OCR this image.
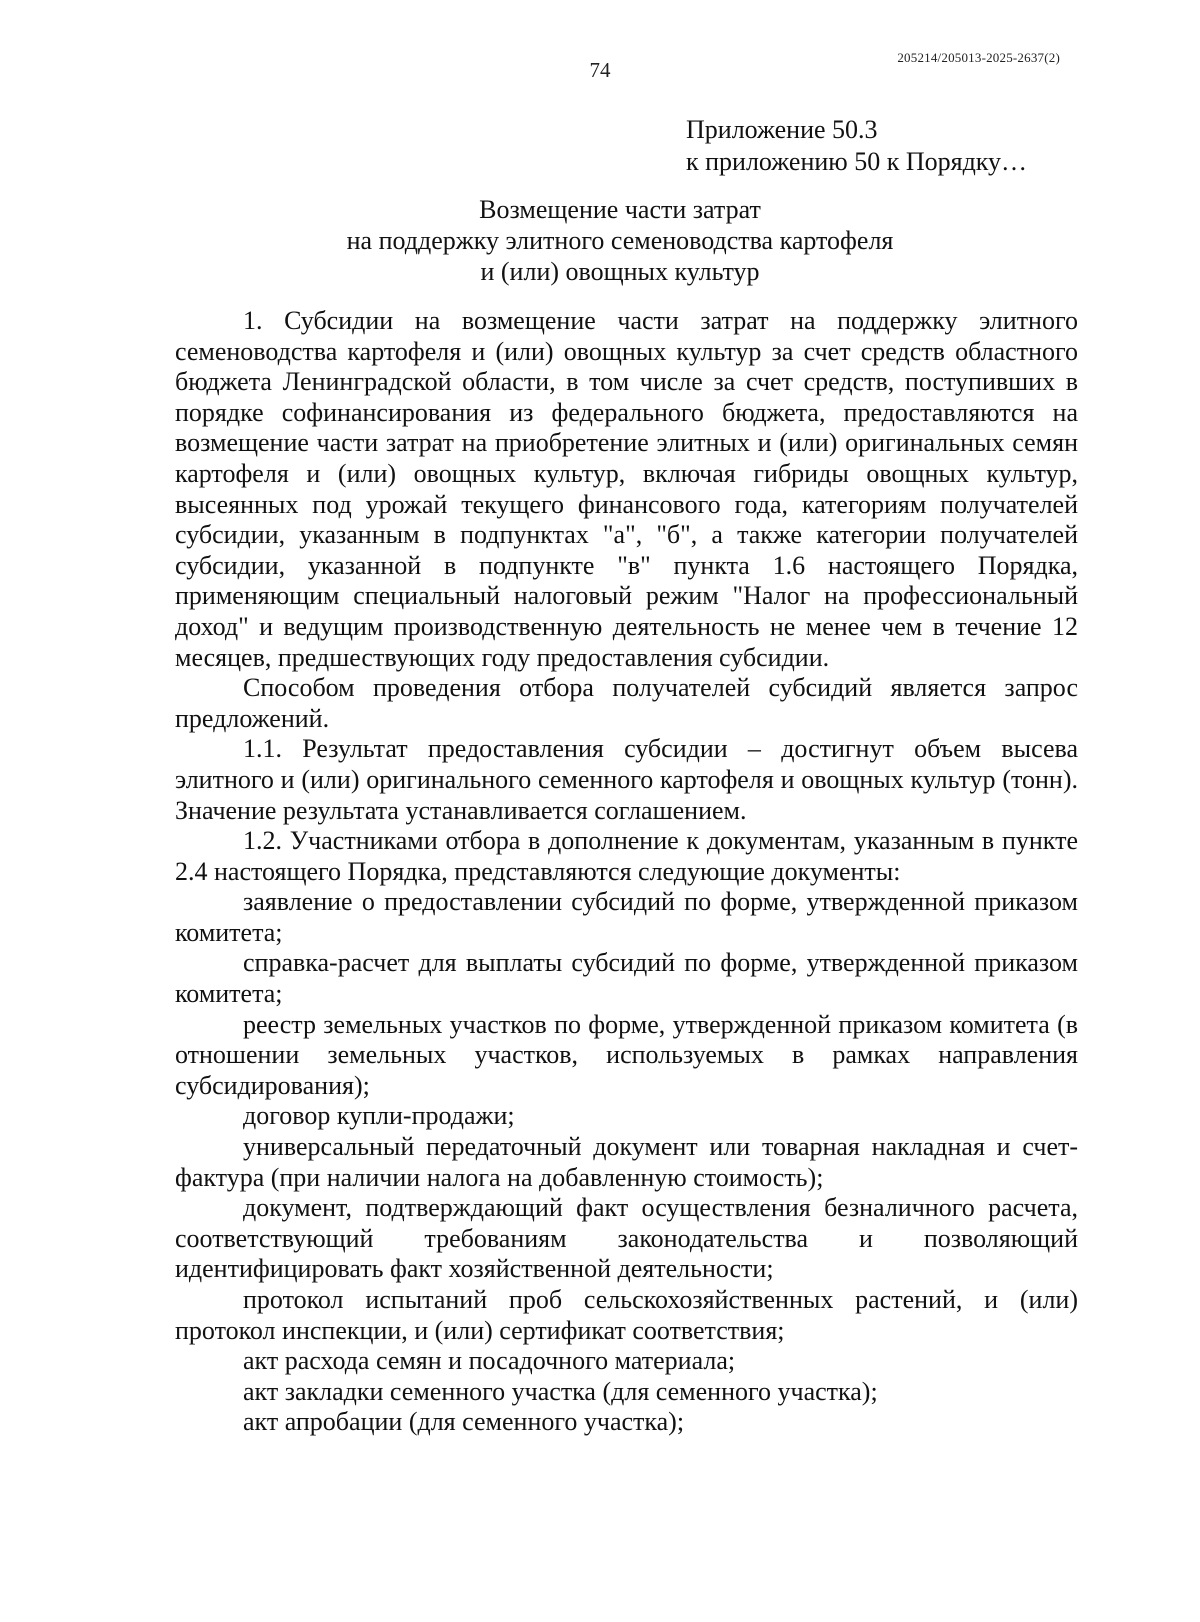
205214/205013-2025-2637(2)
74
Приложение 50.3
к приложению 50 к Порядку…
Возмещение части затрат
на поддержку элитного семеноводства картофеля
и (или) овощных культур

1. Субсидии на возмещение части затрат на поддержку элитного семеноводства картофеля и (или) овощных культур за счет средств областного бюджета Ленинградской области, в том числе за счет средств, поступивших в порядке софинансирования из федерального бюджета, предоставляются на возмещение части затрат на приобретение элитных и (или) оригинальных семян картофеля и (или) овощных культур, включая гибриды овощных культур, высеянных под урожай текущего финансового года, категориям получателей субсидии, указанным в подпунктах "а", "б", а также категории получателей субсидии, указанной в подпункте "в" пункта 1.6 настоящего Порядка, применяющим специальный налоговый режим "Налог на профессиональный доход" и ведущим производственную деятельность не менее чем в течение 12 месяцев, предшествующих году предоставления субсидии.

Способом проведения отбора получателей субсидий является запрос предложений.

1.1. Результат предоставления субсидии – достигнут объем высева элитного и (или) оригинального семенного картофеля и овощных культур (тонн). Значение результата устанавливается соглашением.

1.2. Участниками отбора в дополнение к документам, указанным в пункте 2.4 настоящего Порядка, представляются следующие документы:

заявление о предоставлении субсидий по форме, утвержденной приказом комитета;

справка-расчет для выплаты субсидий по форме, утвержденной приказом комитета;

реестр земельных участков по форме, утвержденной приказом комитета (в отношении земельных участков, используемых в рамках направления субсидирования);

договор купли-продажи;

универсальный передаточный документ или товарная накладная и счет-фактура (при наличии налога на добавленную стоимость);

документ, подтверждающий факт осуществления безналичного расчета, соответствующий требованиям законодательства и позволяющий идентифицировать факт хозяйственной деятельности;

протокол испытаний проб сельскохозяйственных растений, и (или) протокол инспекции, и (или) сертификат соответствия;

акт расхода семян и посадочного материала;

акт закладки семенного участка (для семенного участка);

акт апробации (для семенного участка);
